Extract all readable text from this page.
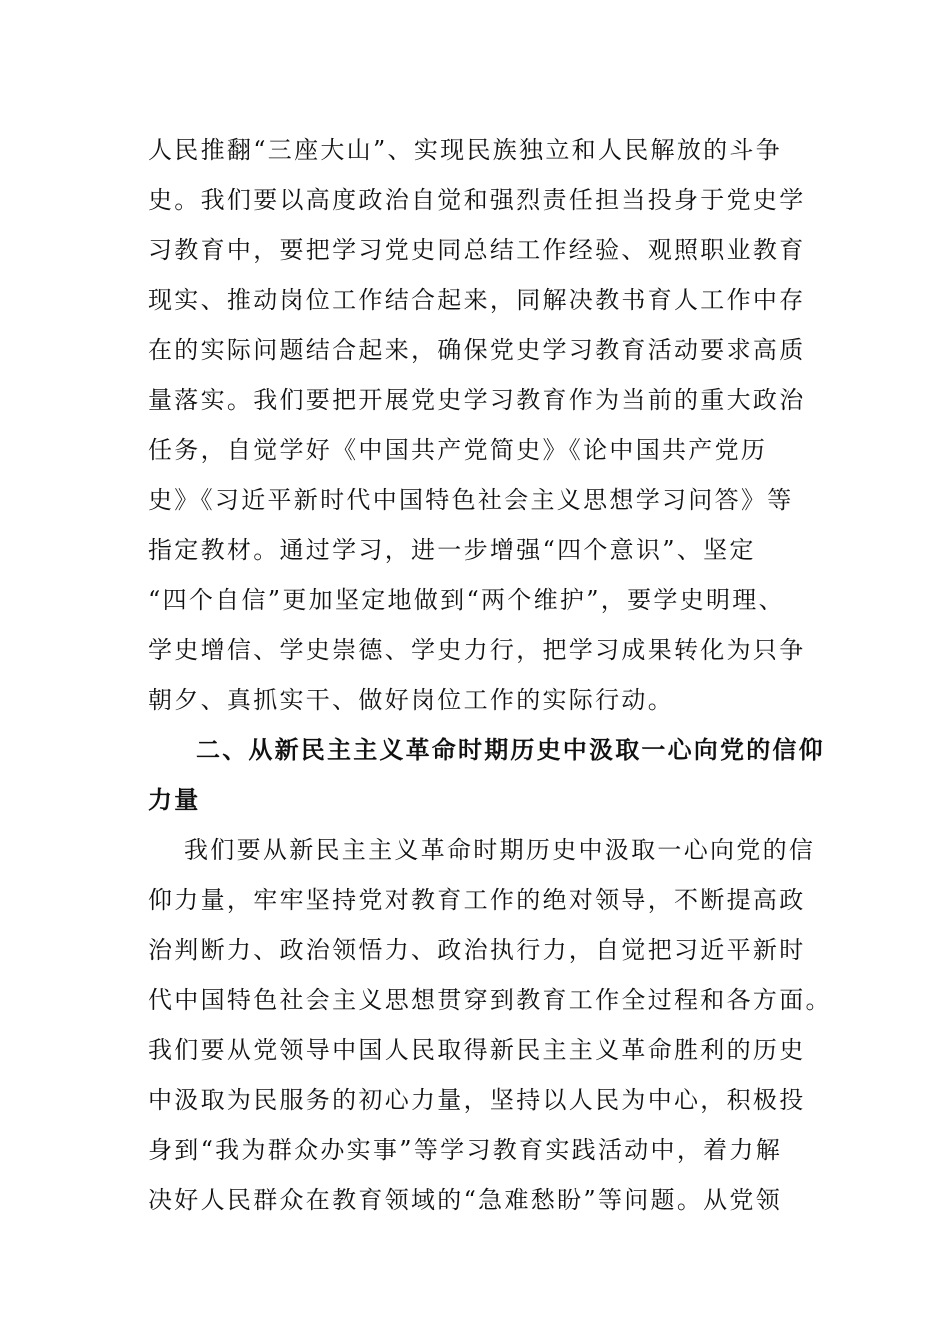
人民推翻“三座大山”、实现民族独立和人民解放的斗争
史。我们要以高度政治自觉和强烈责任担当投身于党史学
习教育中，要把学习党史同总结工作经验、观照职业教育
现实、推动岗位工作结合起来，同解决教书育人工作中存
在的实际问题结合起来，确保党史学习教育活动要求高质
量落实。我们要把开展党史学习教育作为当前的重大政治
任务，自觉学好《中国共产党简史》《论中国共产党历
史》《习近平新时代中国特色社会主义思想学习问答》等
指定教材。通过学习，进一步增强“四个意识”、坚定
“四个自信”更加坚定地做到“两个维护”，要学史明理、
学史增信、学史崇德、学史力行，把学习成果转化为只争
朝夕、真抓实干、做好岗位工作的实际行动。
二、从新民主主义革命时期历史中汲取一心向党的信仰
力量
我们要从新民主主义革命时期历史中汲取一心向党的信
仰力量，牢牢坚持党对教育工作的绝对领导，不断提高政
治判断力、政治领悟力、政治执行力，自觉把习近平新时
代中国特色社会主义思想贯穿到教育工作全过程和各方面。
我们要从党领导中国人民取得新民主主义革命胜利的历史
中汲取为民服务的初心力量，坚持以人民为中心，积极投
身到“我为群众办实事”等学习教育实践活动中，着力解
决好人民群众在教育领域的“急难愁盼”等问题。从党领
